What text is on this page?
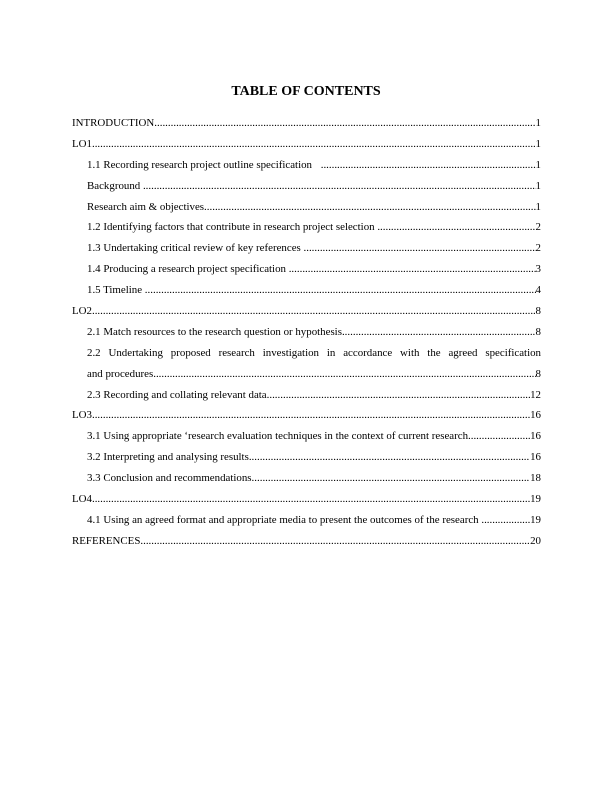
TABLE OF CONTENTS
INTRODUCTION .....	1
LO1 .....	1
1.1 Recording research project outline specification .....	1
Background .....	1
Research aim & objectives .....	1
1.2 Identifying factors that contribute in research project selection .....	2
1.3 Undertaking critical review of key references .....	2
1.4 Producing a research project specification .....	3
1.5 Timeline .....	4
LO2 .....	8
2.1 Match resources to the research question or hypothesis .....	8
2.2 Undertaking proposed research investigation in accordance with the agreed specification
and procedures .....	8
2.3 Recording and collating relevant data .....	12
LO3 .....	16
3.1 Using appropriate ‘research evaluation techniques in the context of current research .....	16
3.2 Interpreting and analysing results .....	16
3.3 Conclusion and recommendations .....	18
LO4 .....	19
4.1 Using an agreed format and appropriate media to present the outcomes of the research .....	19
REFERENCES .....	20
